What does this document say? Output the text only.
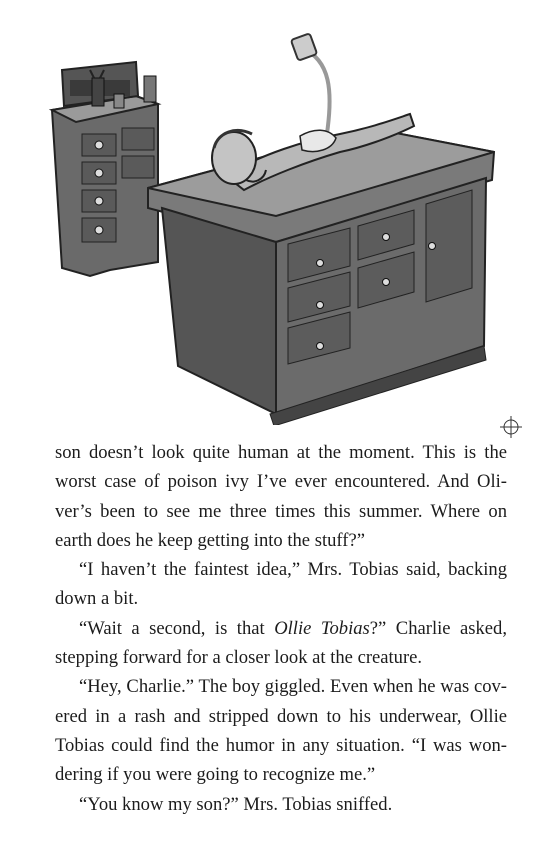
son doesn’t look quite human at the moment. This is the worst case of poison ivy I’ve ever encountered. And Oliver’s been to see me three times this summer. Where on earth does he keep getting into the stuff?”

“I haven’t the faintest idea,” Mrs. Tobias said, backing down a bit.

“Wait a second, is that Ollie Tobias?” Charlie asked, stepping forward for a closer look at the creature.

“Hey, Charlie.” The boy giggled. Even when he was covered in a rash and stripped down to his underwear, Ollie Tobias could find the humor in any situation. “I was wondering if you were going to recognize me.”

“You know my son?” Mrs. Tobias sniffed.
